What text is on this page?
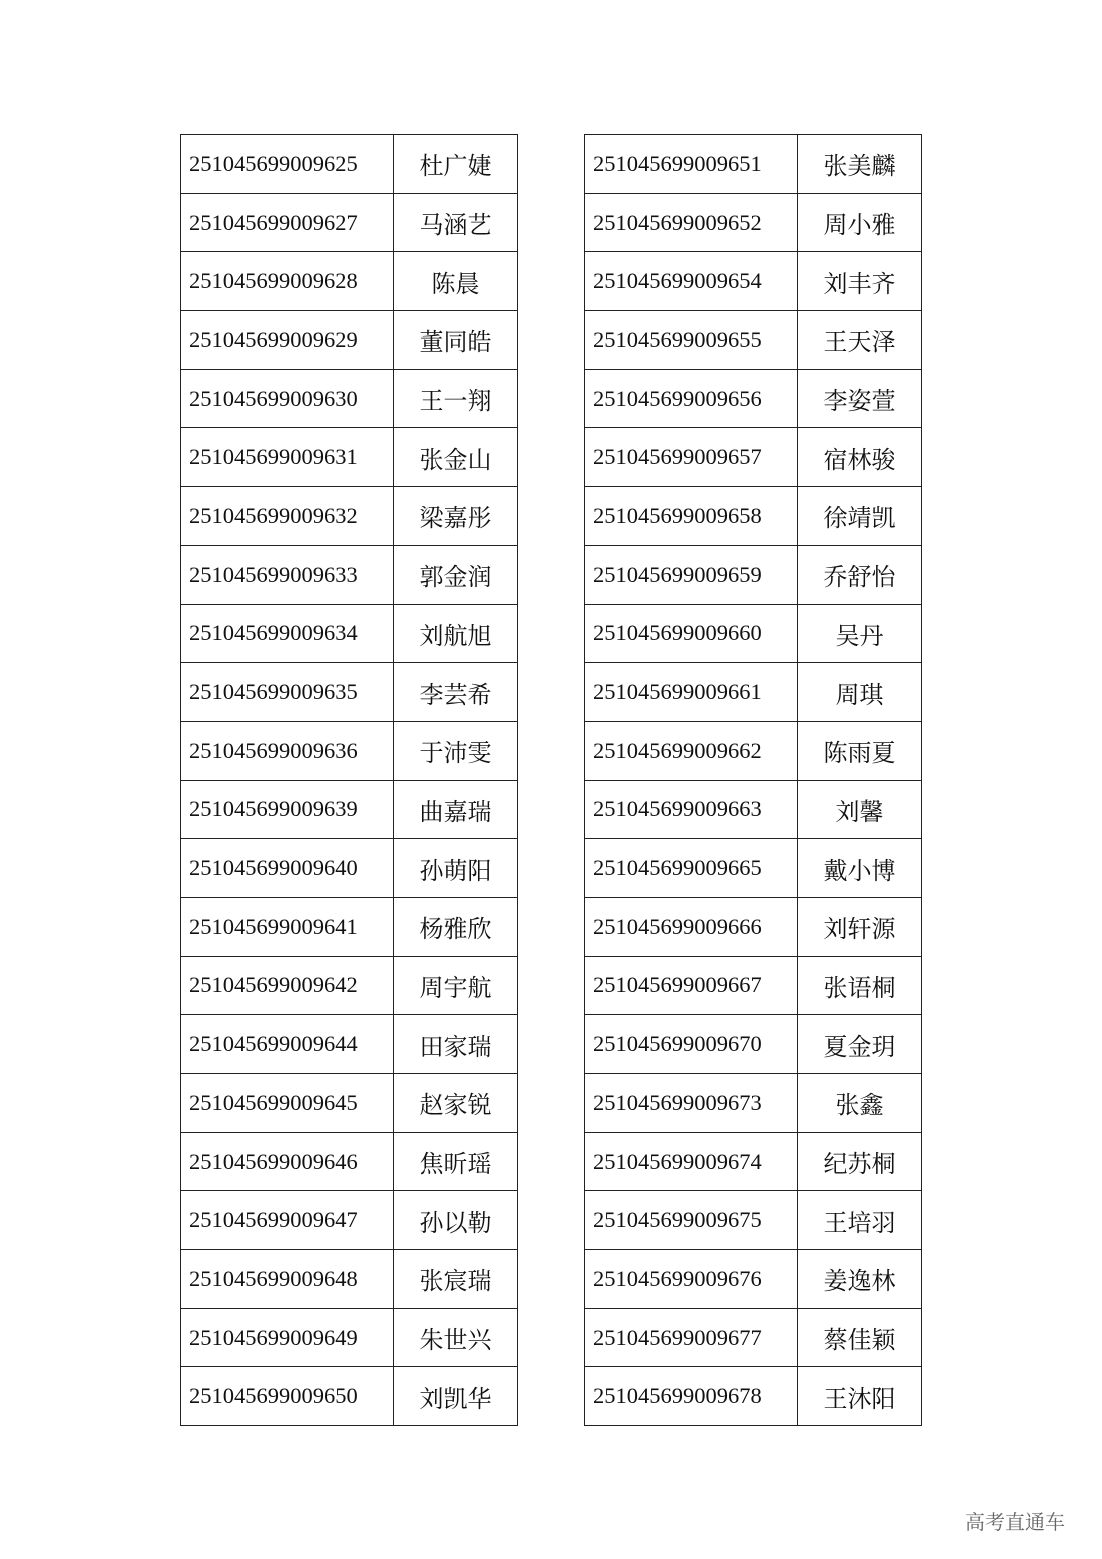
251045699009625	杜广婕
251045699009627	马涵艺
251045699009628	陈晨
251045699009629	董同皓
251045699009630	王一翔
251045699009631	张金山
251045699009632	梁嘉彤
251045699009633	郭金润
251045699009634	刘航旭
251045699009635	李芸希
251045699009636	于沛雯
251045699009639	曲嘉瑞
251045699009640	孙萌阳
251045699009641	杨雅欣
251045699009642	周宇航
251045699009644	田家瑞
251045699009645	赵家锐
251045699009646	焦昕瑶
251045699009647	孙以勒
251045699009648	张宸瑞
251045699009649	朱世兴
251045699009650	刘凯华
251045699009651	张美麟
251045699009652	周小雅
251045699009654	刘丰齐
251045699009655	王天泽
251045699009656	李姿萱
251045699009657	宿林骏
251045699009658	徐靖凯
251045699009659	乔舒怡
251045699009660	吴丹
251045699009661	周琪
251045699009662	陈雨夏
251045699009663	刘馨
251045699009665	戴小博
251045699009666	刘轩源
251045699009667	张语桐
251045699009670	夏金玥
251045699009673	张鑫
251045699009674	纪苏桐
251045699009675	王培羽
251045699009676	姜逸林
251045699009677	蔡佳颖
251045699009678	王沐阳
高考直通车
